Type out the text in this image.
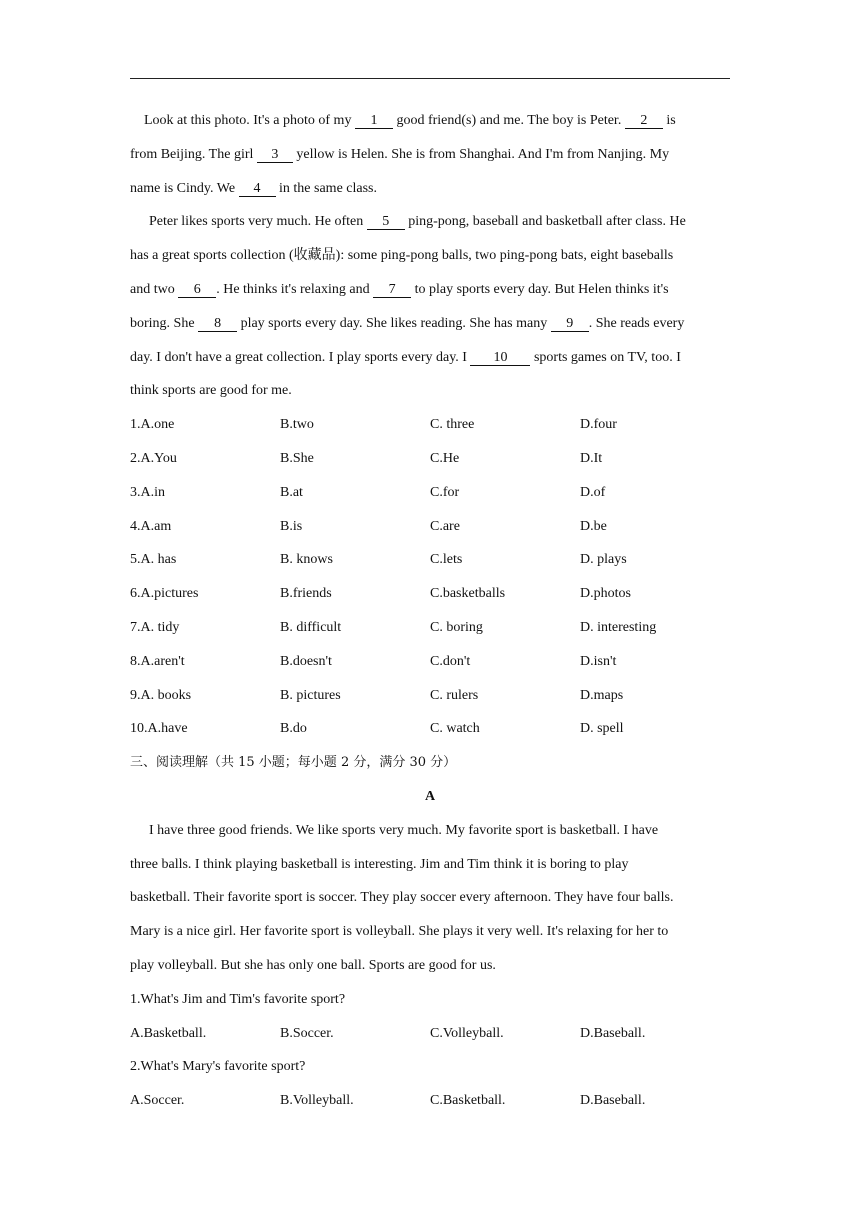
Look at this photo. It's a photo of my 1 good friend(s) and me. The boy is Peter. 2 is
from Beijing. The girl 3 yellow is Helen. She is from Shanghai. And I'm from Nanjing. My
name is Cindy. We 4 in the same class.
Peter likes sports very much. He often 5 ping-pong, baseball and basketball after class. He
has a great sports collection (收藏品): some ping-pong balls, two ping-pong bats, eight baseballs
and two 6 . He thinks it's relaxing and 7 to play sports every day. But Helen thinks it's
boring. She 8 play sports every day. She likes reading. She has many 9 . She reads every
day. I don't have a great collection. I play sports every day. I 10 sports games on TV, too. I
think sports are good for me.
1.A.one	B.two	C. three	D.four
2.A.You	B.She	C.He	D.It
3.A.in	B.at	C.for	D.of
4.A.am	B.is	C.are	D.be
5.A. has	B. knows	C.lets	D. plays
6.A.pictures	B.friends	C.basketballs	D.photos
7.A. tidy	B. difficult	C. boring	D. interesting
8.A.aren't	B.doesn't	C.don't	D.isn't
9.A. books	B. pictures	C. rulers	D.maps
10.A.have	B.do	C. watch	D. spell
三、阅读理解（共 15 小题；每小题 2 分，满分 30 分）
A
I have three good friends. We like sports very much. My favorite sport is basketball. I have
three balls. I think playing basketball is interesting. Jim and Tim think it is boring to play
basketball. Their favorite sport is soccer. They play soccer every afternoon. They have four balls.
Mary is a nice girl. Her favorite sport is volleyball. She plays it very well. It's relaxing for her to
play volleyball. But she has only one ball. Sports are good for us.
1.What's Jim and Tim's favorite sport?
A.Basketball.	B.Soccer.	C.Volleyball.	D.Baseball.
2.What's Mary's favorite sport?
A.Soccer.	B.Volleyball.	C.Basketball.	D.Baseball.
